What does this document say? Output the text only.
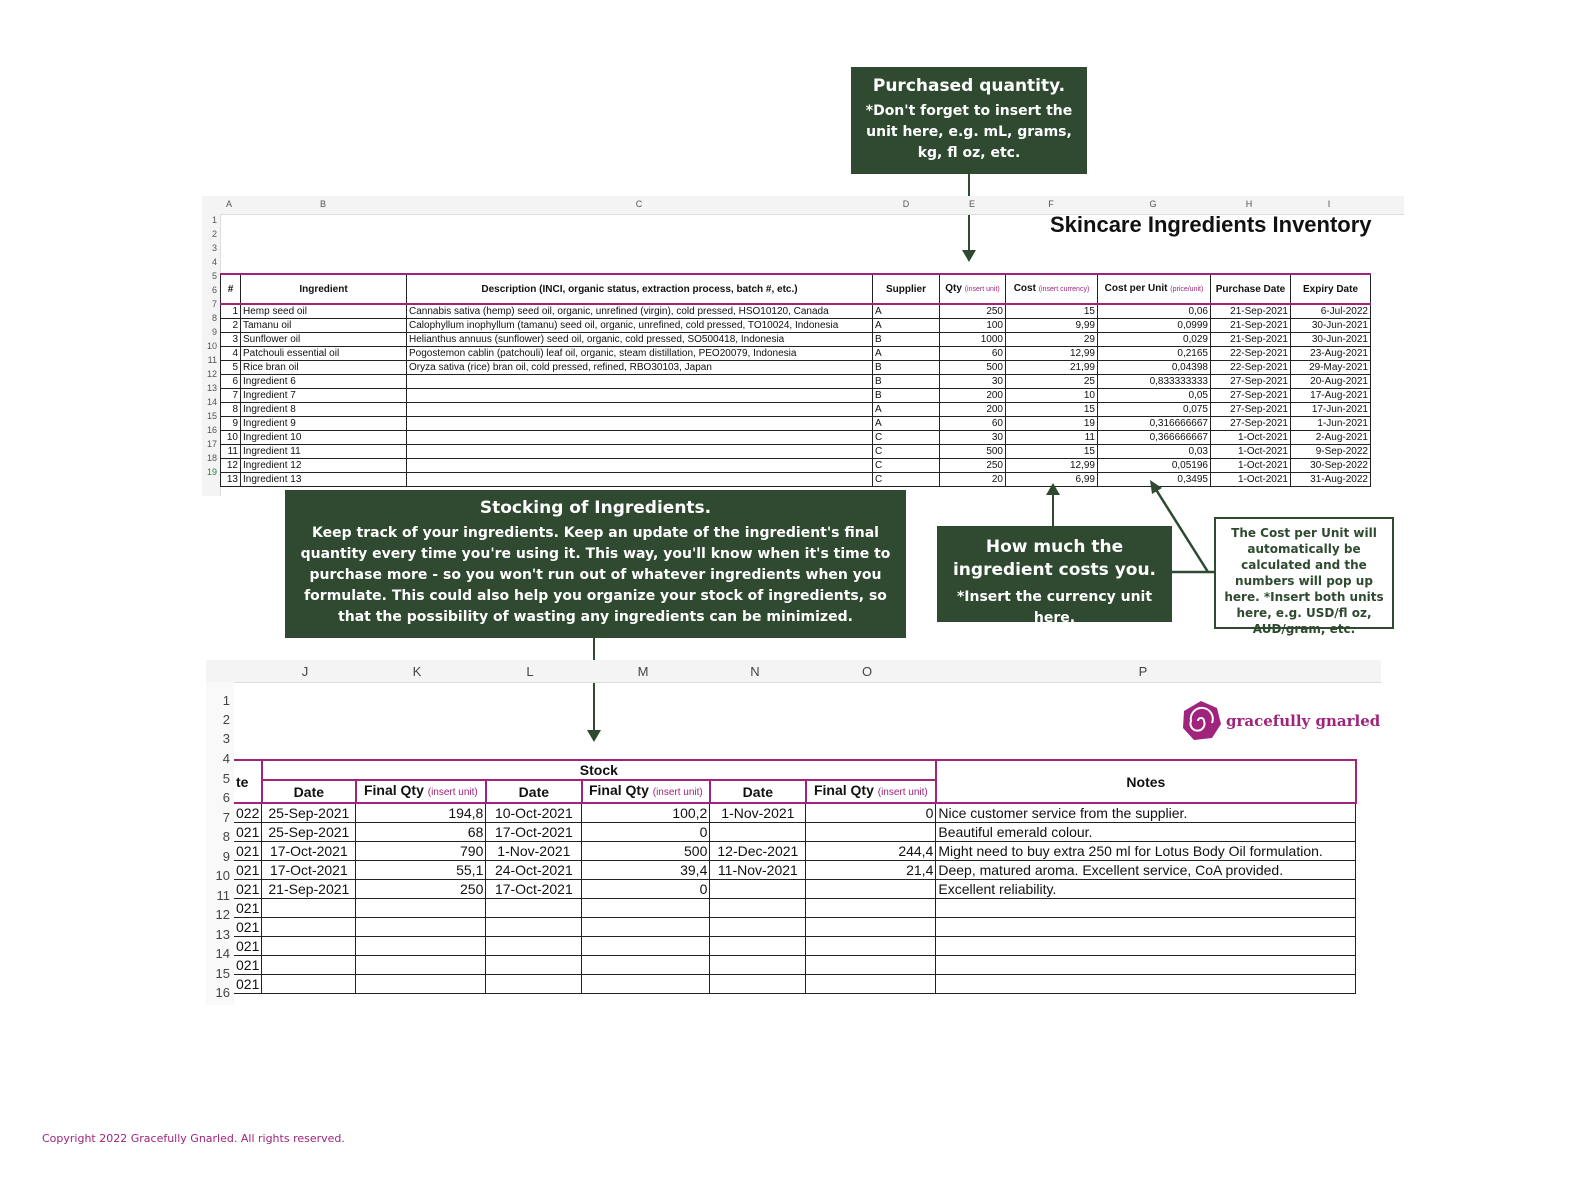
Purchased quantity.
*Don't forget to insert the unit here, e.g. mL, grams, kg, fl oz, etc.
A	B	C	D	E	F	G	H	I
1
2
3
4
5
6
7
8
9
10
11
12
13
14
15
16
17
18
19
Skincare Ingredients Inventory
#	Ingredient	Description (INCI, organic status, extraction process, batch #, etc.)	Supplier	Qty (insert unit)	Cost (insert currency)	Cost per Unit (price/unit)	Purchase Date	Expiry Date
1	Hemp seed oil	Cannabis sativa (hemp) seed oil, organic, unrefined (virgin), cold pressed, HSO10120, Canada	A	250	15	0,06	21-Sep-2021	6-Jul-2022
2	Tamanu oil	Calophyllum inophyllum (tamanu) seed oil, organic, unrefined, cold pressed, TO10024, Indonesia	A	100	9,99	0,0999	21-Sep-2021	30-Jun-2021
3	Sunflower oil	Helianthus annuus (sunflower) seed oil, organic, cold pressed, SO500418, Indonesia	B	1000	29	0,029	21-Sep-2021	30-Jun-2021
4	Patchouli essential oil	Pogostemon cablin (patchouli) leaf oil, organic, steam distillation, PEO20079, Indonesia	A	60	12,99	0,2165	22-Sep-2021	23-Aug-2021
5	Rice bran oil	Oryza sativa (rice) bran oil, cold pressed, refined, RBO30103, Japan	B	500	21,99	0,04398	22-Sep-2021	29-May-2021
6	Ingredient 6		B	30	25	0,833333333	27-Sep-2021	20-Aug-2021
7	Ingredient 7		B	200	10	0,05	27-Sep-2021	17-Aug-2021
8	Ingredient 8		A	200	15	0,075	27-Sep-2021	17-Jun-2021
9	Ingredient 9		A	60	19	0,316666667	27-Sep-2021	1-Jun-2021
10	Ingredient 10		C	30	11	0,366666667	1-Oct-2021	2-Aug-2021
11	Ingredient 11		C	500	15	0,03	1-Oct-2021	9-Sep-2022
12	Ingredient 12		C	250	12,99	0,05196	1-Oct-2021	30-Sep-2022
13	Ingredient 13		C	20	6,99	0,3495	1-Oct-2021	31-Aug-2022
Stocking of Ingredients.
Keep track of your ingredients. Keep an update of the ingredient's final quantity every time you're using it. This way, you'll know when it's time to purchase more - so you won't run out of whatever ingredients when you formulate. This could also help you organize your stock of ingredients, so that the possibility of wasting any ingredients can be minimized.
How much the ingredient costs you.
*Insert the currency unit here.
The Cost per Unit will automatically be calculated and the numbers will pop up here. *Insert both units here, e.g. USD/fl oz, AUD/gram, etc.
J	K	L	M	N	O	P
1
2
3
4
5
6
7
8
9
10
11
12
13
14
15
16
te	Stock						Notes
	Date	Final Qty (insert unit)	Date	Final Qty (insert unit)	Date	Final Qty (insert unit)	
022	25-Sep-2021	194,8	10-Oct-2021	100,2	1-Nov-2021	0	Nice customer service from the supplier.
021	25-Sep-2021	68	17-Oct-2021	0			Beautiful emerald colour.
021	17-Oct-2021	790	1-Nov-2021	500	12-Dec-2021	244,4	Might need to buy extra 250 ml for Lotus Body Oil formulation.
021	17-Oct-2021	55,1	24-Oct-2021	39,4	11-Nov-2021	21,4	Deep, matured aroma. Excellent service, CoA provided.
021	21-Sep-2021	250	17-Oct-2021	0			Excellent reliability.
021							
021							
021							
021							
021							
gracefully gnarled
Copyright 2022 Gracefully Gnarled. All rights reserved.
